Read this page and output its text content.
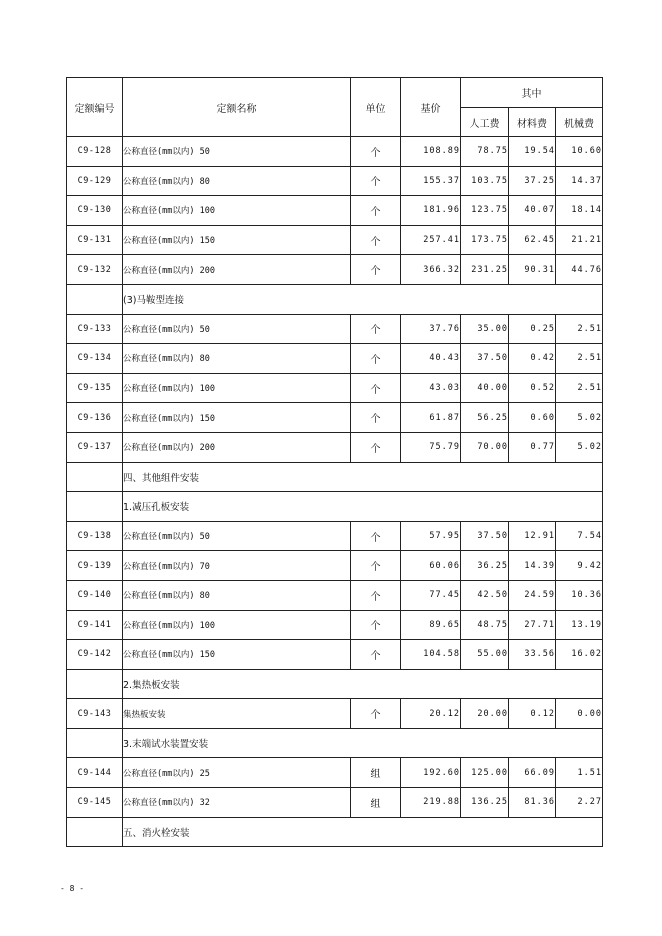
定额编号	定额名称	单位	基价	其中		
				人工费	材料费	机械费
C9-128	公称直径(mm以内) 50	个	108.89	78.75	19.54	10.60
C9-129	公称直径(mm以内) 80	个	155.37	103.75	37.25	14.37
C9-130	公称直径(mm以内) 100	个	181.96	123.75	40.07	18.14
C9-131	公称直径(mm以内) 150	个	257.41	173.75	62.45	21.21
C9-132	公称直径(mm以内) 200	个	366.32	231.25	90.31	44.76
	(3)马鞍型连接					
C9-133	公称直径(mm以内) 50	个	37.76	35.00	0.25	2.51
C9-134	公称直径(mm以内) 80	个	40.43	37.50	0.42	2.51
C9-135	公称直径(mm以内) 100	个	43.03	40.00	0.52	2.51
C9-136	公称直径(mm以内) 150	个	61.87	56.25	0.60	5.02
C9-137	公称直径(mm以内) 200	个	75.79	70.00	0.77	5.02
	四、其他组件安装					
	1.减压孔板安装					
C9-138	公称直径(mm以内) 50	个	57.95	37.50	12.91	7.54
C9-139	公称直径(mm以内) 70	个	60.06	36.25	14.39	9.42
C9-140	公称直径(mm以内) 80	个	77.45	42.50	24.59	10.36
C9-141	公称直径(mm以内) 100	个	89.65	48.75	27.71	13.19
C9-142	公称直径(mm以内) 150	个	104.58	55.00	33.56	16.02
	2.集热板安装					
C9-143	集热板安装	个	20.12	20.00	0.12	0.00
	3.末端试水装置安装					
C9-144	公称直径(mm以内) 25	组	192.60	125.00	66.09	1.51
C9-145	公称直径(mm以内) 32	组	219.88	136.25	81.36	2.27
	五、消火栓安装					
- 8 -
